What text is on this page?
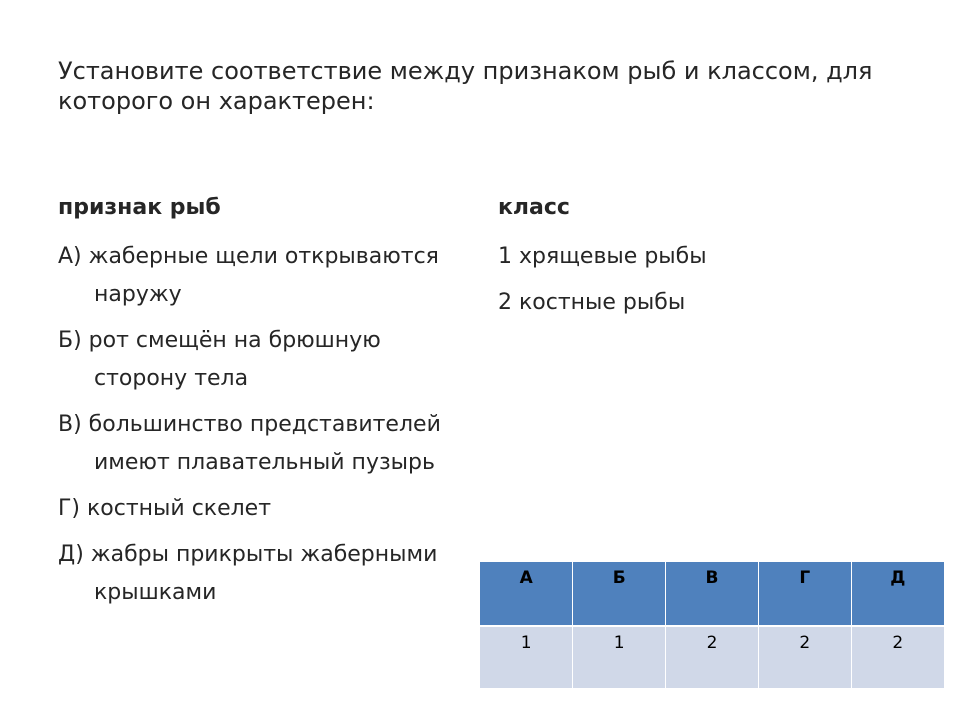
Установите соответствие между признаком рыб и классом, для которого он характерен:
признак рыб	класс
А) жаберные щели открываются наружу
Б) рот смещён на брюшную сторону тела
В) большинство представителей имеют плавательный пузырь
Г) костный скелет
Д) жабры прикрыты жаберными крышками
1 хрящевые рыбы
2 костные рыбы
А	Б	В	Г	Д
1	1	2	2	2
